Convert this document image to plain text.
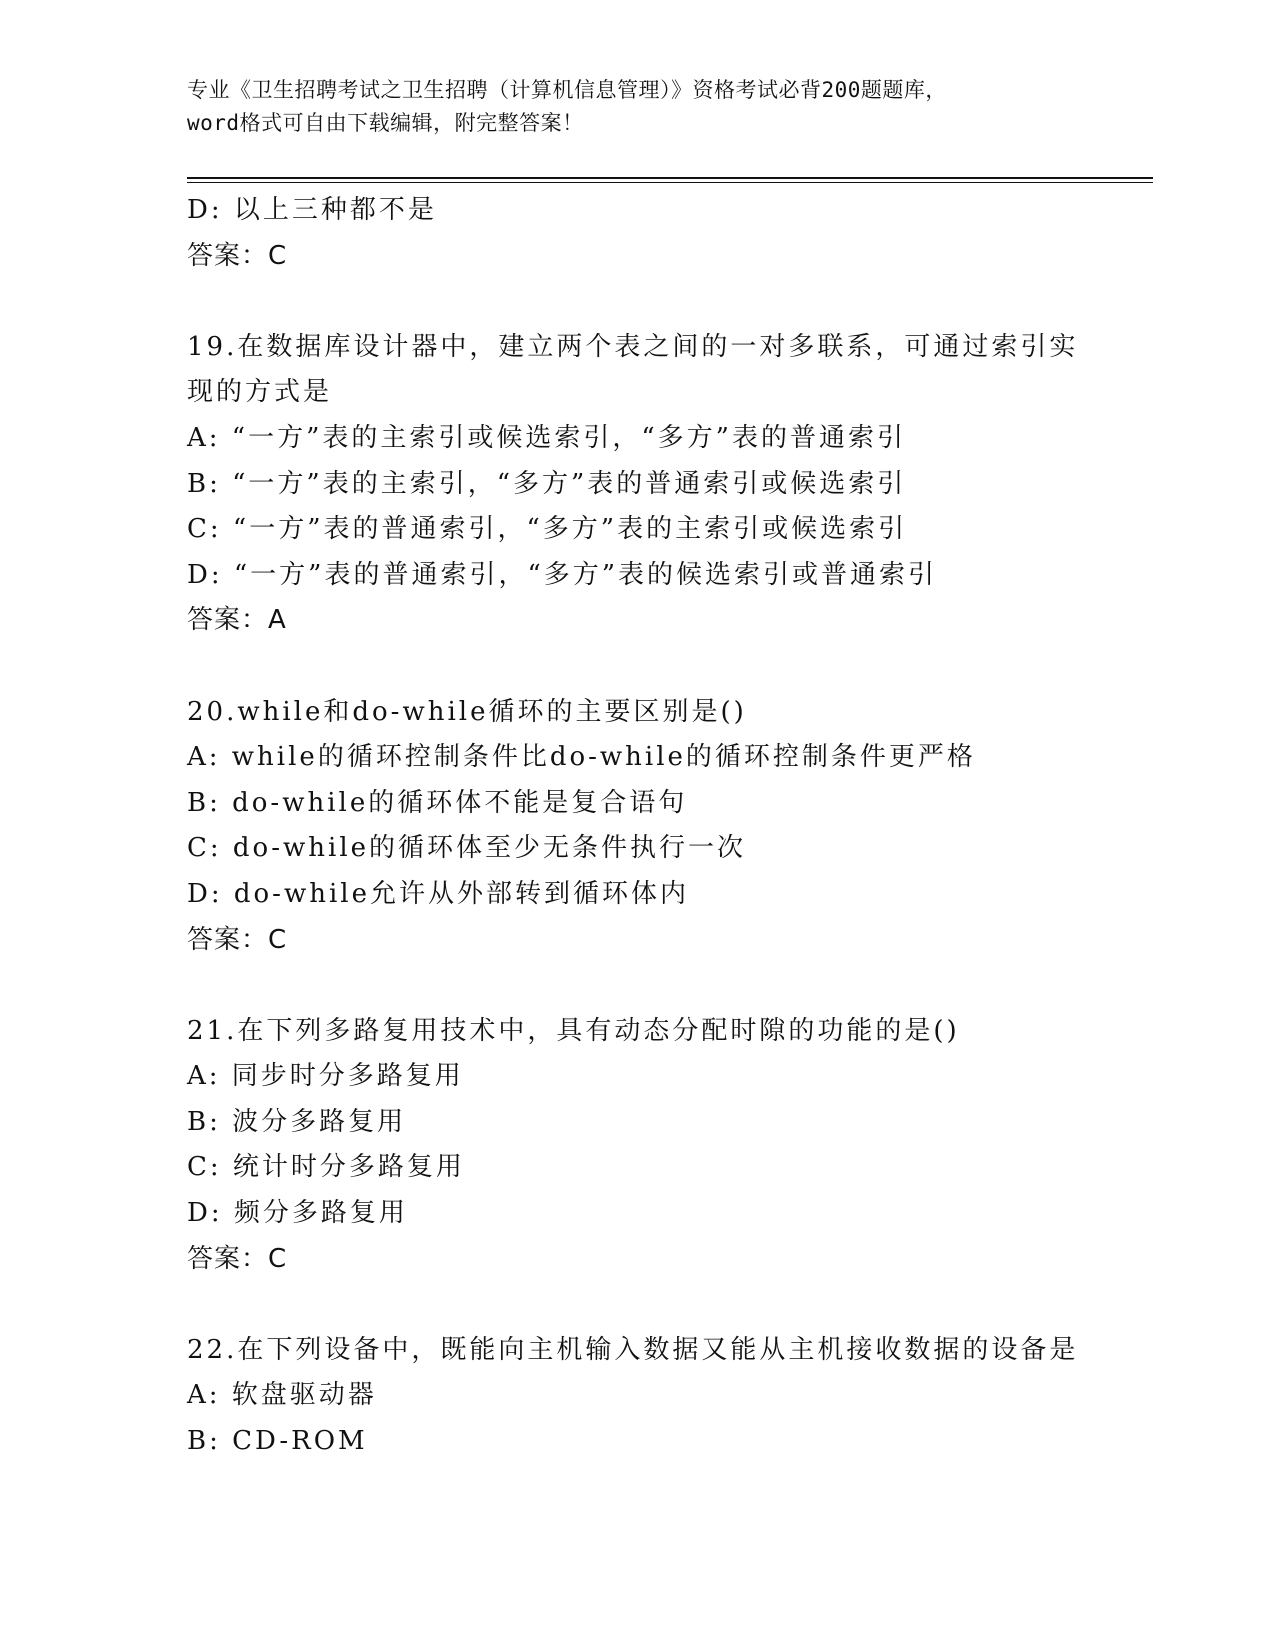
专业《卫生招聘考试之卫生招聘（计算机信息管理）》资格考试必背200题题库，
word格式可自由下载编辑，附完整答案！
D: 以上三种都不是
答案：C
19.在数据库设计器中，建立两个表之间的一对多联系，可通过索引实
现的方式是
A: “一方”表的主索引或候选索引，“多方”表的普通索引
B: “一方”表的主索引，“多方”表的普通索引或候选索引
C: “一方”表的普通索引，“多方”表的主索引或候选索引
D: “一方”表的普通索引，“多方”表的候选索引或普通索引
答案：A
20.while和do-while循环的主要区别是()
A: while的循环控制条件比do-while的循环控制条件更严格
B: do-while的循环体不能是复合语句
C: do-while的循环体至少无条件执行一次
D: do-while允许从外部转到循环体内
答案：C
21.在下列多路复用技术中，具有动态分配时隙的功能的是()
A: 同步时分多路复用
B: 波分多路复用
C: 统计时分多路复用
D: 频分多路复用
答案：C
22.在下列设备中，既能向主机输入数据又能从主机接收数据的设备是
A: 软盘驱动器
B: CD-ROM
